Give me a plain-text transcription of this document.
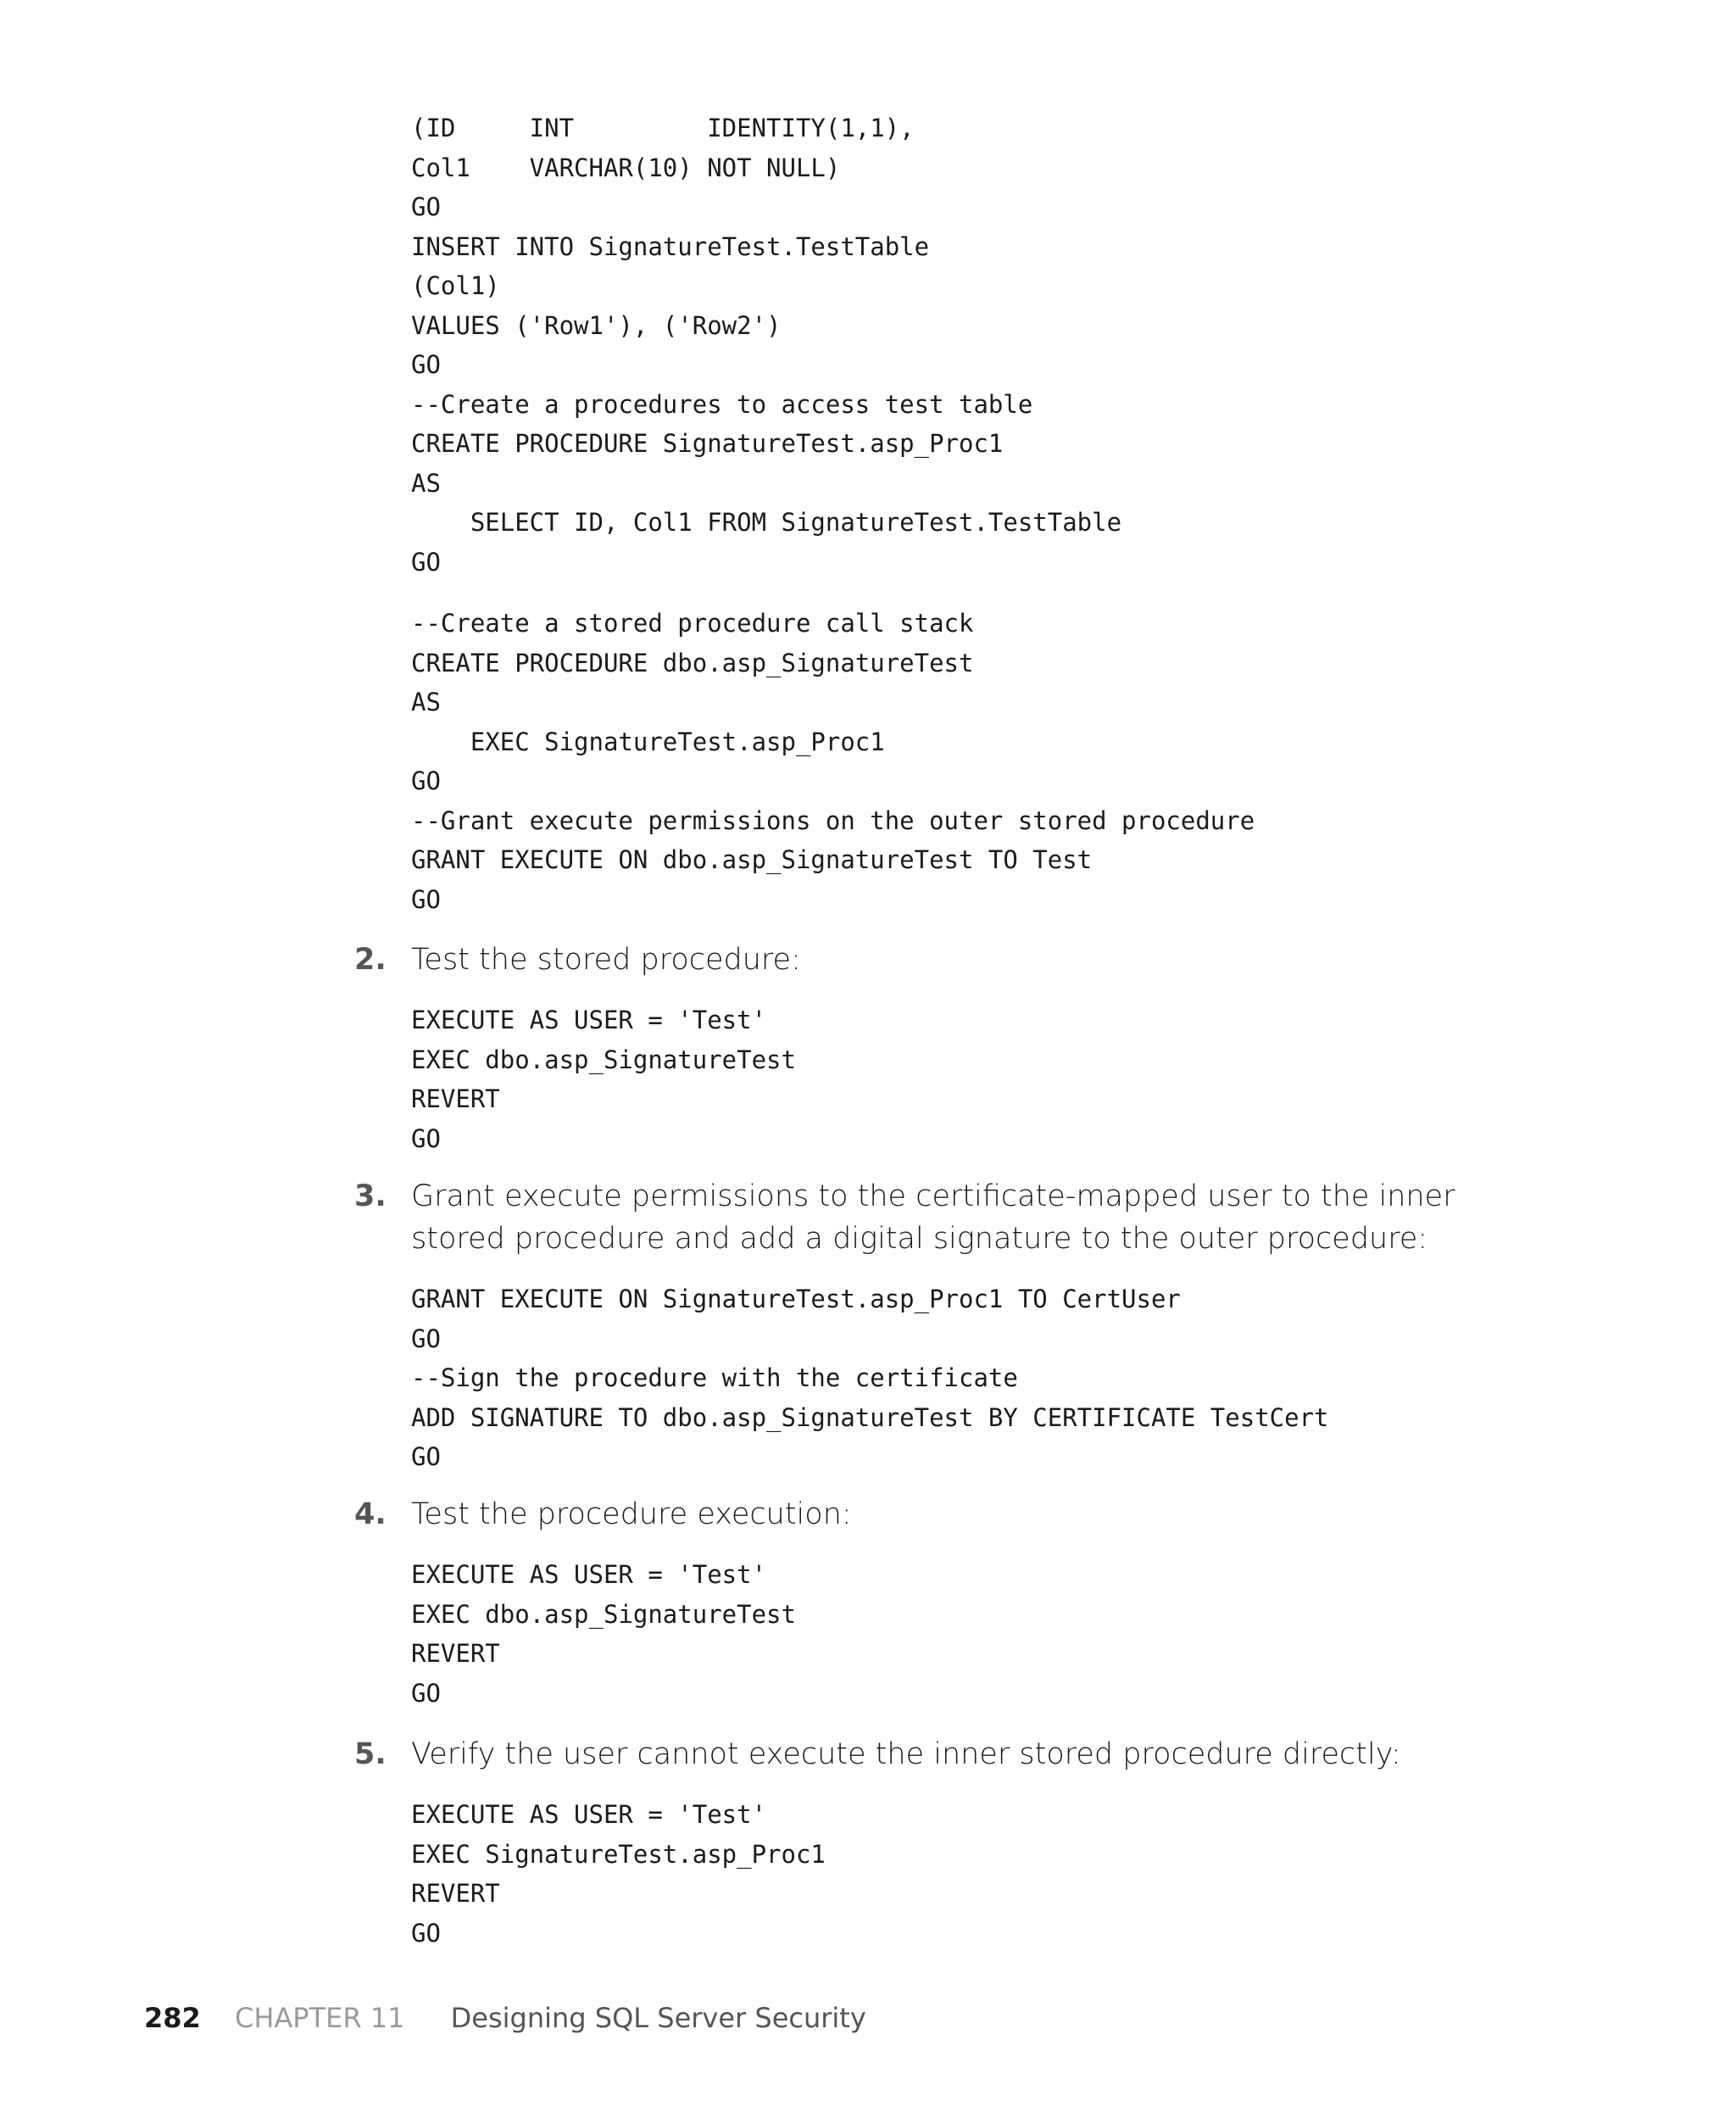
(ID     INT         IDENTITY(1,1),
Col1    VARCHAR(10) NOT NULL)
GO
INSERT INTO SignatureTest.TestTable
(Col1)
VALUES ('Row1'), ('Row2')
GO
--Create a procedures to access test table
CREATE PROCEDURE SignatureTest.asp_Proc1
AS
SELECT ID, Col1 FROM SignatureTest.TestTable
GO
--Create a stored procedure call stack
CREATE PROCEDURE dbo.asp_SignatureTest
AS
EXEC SignatureTest.asp_Proc1
GO
--Grant execute permissions on the outer stored procedure
GRANT EXECUTE ON dbo.asp_SignatureTest TO Test
GO
2. Test the stored procedure:
EXECUTE AS USER = 'Test'
EXEC dbo.asp_SignatureTest
REVERT
GO
3. Grant execute permissions to the certificate-mapped user to the inner stored procedure and add a digital signature to the outer procedure:
GRANT EXECUTE ON SignatureTest.asp_Proc1 TO CertUser
GO
--Sign the procedure with the certificate
ADD SIGNATURE TO dbo.asp_SignatureTest BY CERTIFICATE TestCert
GO
4. Test the procedure execution:
EXECUTE AS USER = 'Test'
EXEC dbo.asp_SignatureTest
REVERT
GO
5. Verify the user cannot execute the inner stored procedure directly:
EXECUTE AS USER = 'Test'
EXEC SignatureTest.asp_Proc1
REVERT
GO
282 CHAPTER 11 Designing SQL Server Security
